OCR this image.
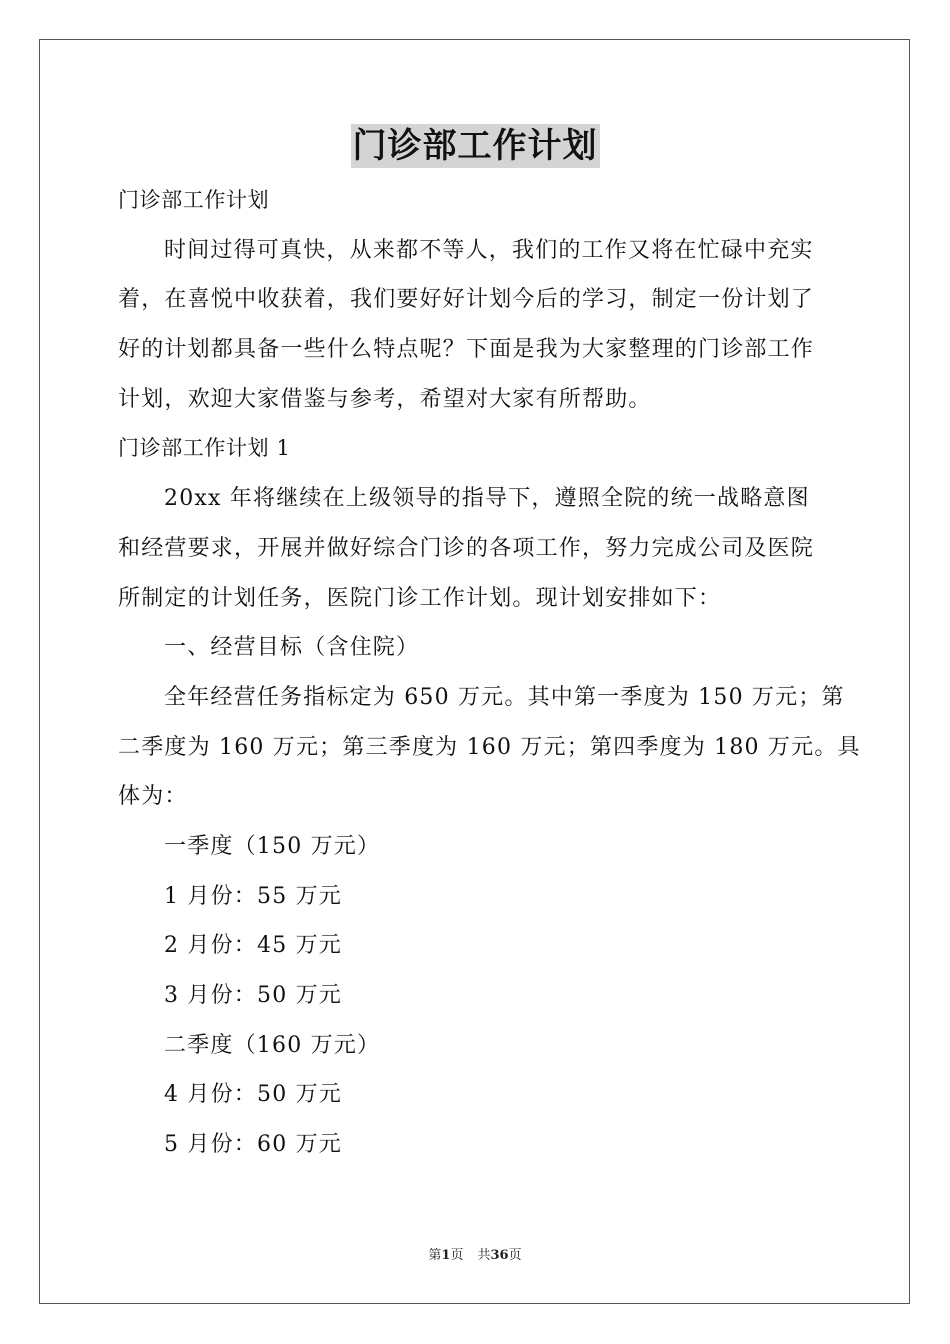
门诊部工作计划
门诊部工作计划
时间过得可真快，从来都不等人，我们的工作又将在忙碌中充实
着，在喜悦中收获着，我们要好好计划今后的学习，制定一份计划了
好的计划都具备一些什么特点呢？下面是我为大家整理的门诊部工作
计划，欢迎大家借鉴与参考，希望对大家有所帮助。
门诊部工作计划 1
20xx 年将继续在上级领导的指导下，遵照全院的统一战略意图
和经营要求，开展并做好综合门诊的各项工作，努力完成公司及医院
所制定的计划任务，医院门诊工作计划。现计划安排如下：
一、经营目标（含住院）
全年经营任务指标定为 650 万元。其中第一季度为 150 万元；第
二季度为 160 万元；第三季度为 160 万元；第四季度为 180 万元。具
体为：
一季度（150 万元）
1 月份：55 万元
2 月份：45 万元
3 月份：50 万元
二季度（160 万元）
4 月份：50 万元
5 月份：60 万元
第1页 共36页
